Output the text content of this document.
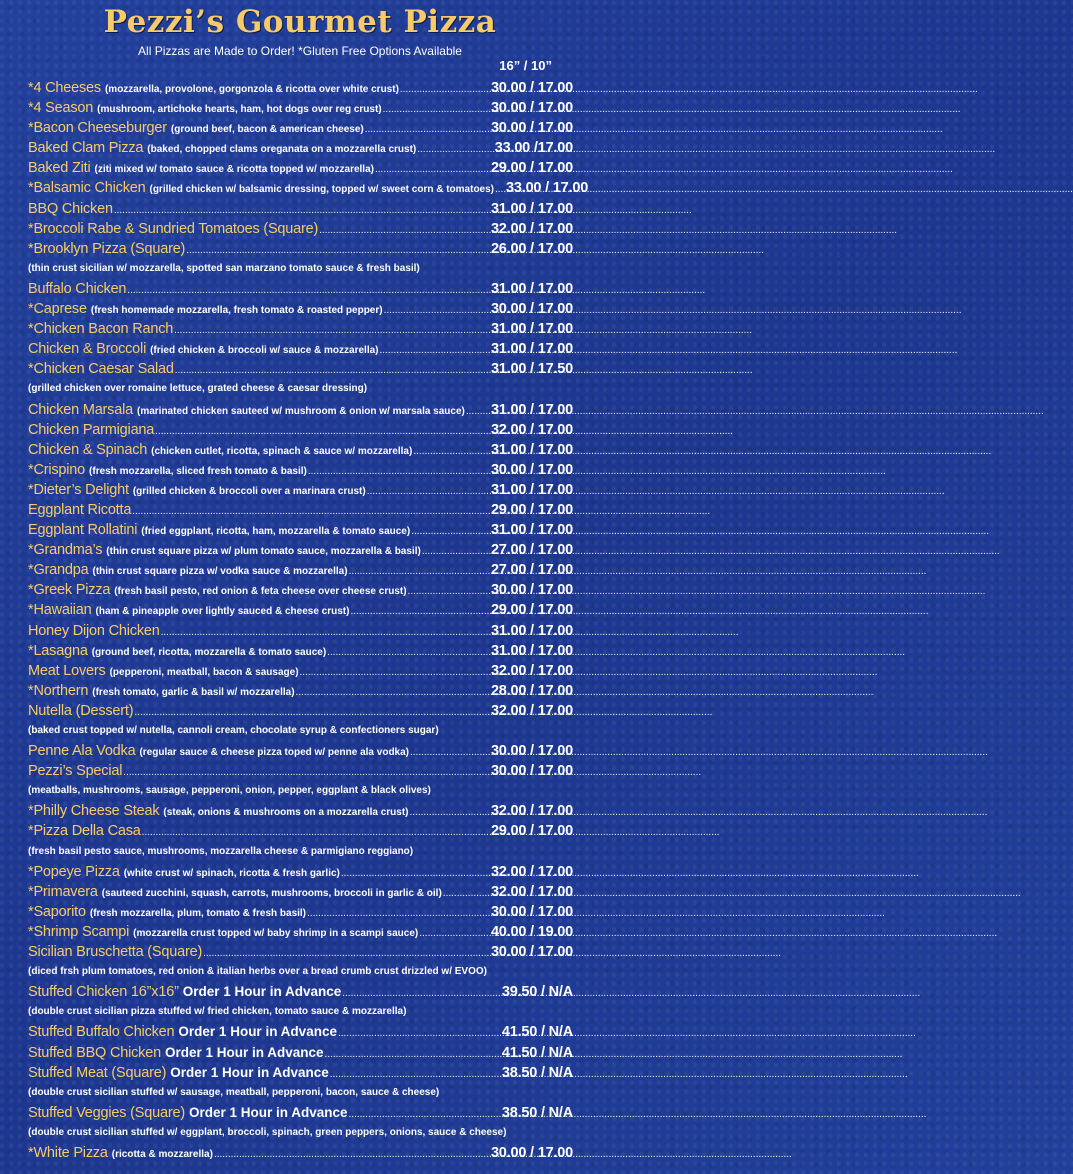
Pezzi’s Gourmet Pizza
All Pizzas are Made to Order! *Gluten Free Options Available
16” / 10”
*4 Cheeses (mozzarella, provolone, gorgonzola & ricotta over white crust) .....	30.00 / 17.00
*4 Season (mushroom, artichoke hearts, ham, hot dogs over reg crust) .....	30.00 / 17.00
*Bacon Cheeseburger (ground beef, bacon & american cheese) .....	30.00 / 17.00
Baked Clam Pizza (baked, chopped clams oreganata on a mozzarella crust) .....	33.00 /17.00
Baked Ziti (ziti mixed w/ tomato sauce & ricotta topped w/ mozzarella) .....	29.00 / 17.00
*Balsamic Chicken (grilled chicken w/ balsamic dressing, topped w/ sweet corn & tomatoes) ..... 33.00 / 17.00
BBQ Chicken .....	31.00 / 17.00
*Broccoli Rabe & Sundried Tomatoes (Square) .....	32.00 / 17.00
*Brooklyn Pizza (Square) .....	26.00 / 17.00
(thin crust sicilian w/ mozzarella, spotted san marzano tomato sauce & fresh basil)
Buffalo Chicken .....	31.00 / 17.00
*Caprese (fresh homemade mozzarella, fresh tomato & roasted pepper) .....	30.00 / 17.00
*Chicken Bacon Ranch .....	31.00 / 17.00
Chicken & Broccoli (fried chicken & broccoli w/ sauce & mozzarella) .....	31.00 / 17.00
*Chicken Caesar Salad .....	31.00 / 17.50
(grilled chicken over romaine lettuce, grated cheese & caesar dressing)
Chicken Marsala (marinated chicken sauteed w/ mushroom & onion w/ marsala sauce) ..... 31.00 / 17.00
Chicken Parmigiana .....	32.00 / 17.00
Chicken & Spinach (chicken cutlet, ricotta, spinach & sauce w/ mozzarella) .....	31.00 / 17.00
*Crispino (fresh mozzarella, sliced fresh tomato & basil) .....	30.00 / 17.00
*Dieter’s Delight (grilled chicken & broccoli over a marinara crust) .....	31.00 / 17.00
Eggplant Ricotta .....	29.00 / 17.00
Eggplant Rollatini (fried eggplant, ricotta, ham, mozzarella & tomato sauce) .....	31.00 / 17.00
*Grandma’s (thin crust square pizza w/ plum tomato sauce, mozzarella & basil) .....	27.00 / 17.00
*Grandpa (thin crust square pizza w/ vodka sauce & mozzarella) .....	27.00 / 17.00
*Greek Pizza (fresh basil pesto, red onion & feta cheese over cheese crust) .....	30.00 / 17.00
*Hawaiian (ham & pineapple over lightly sauced & cheese crust) .....	29.00 / 17.00
Honey Dijon Chicken .....	31.00 / 17.00
*Lasagna (ground beef, ricotta, mozzarella & tomato sauce) .....	31.00 / 17.00
Meat Lovers (pepperoni, meatball, bacon & sausage) .....	32.00 / 17.00
*Northern (fresh tomato, garlic & basil w/ mozzarella) .....	28.00 / 17.00
Nutella (Dessert) .....	32.00 / 17.00
(baked crust topped w/ nutella, cannoli cream, chocolate syrup & confectioners sugar)
Penne Ala Vodka (regular sauce & cheese pizza toped w/ penne ala vodka) .....	30.00 / 17.00
Pezzi’s Special .....	30.00 / 17.00
(meatballs, mushrooms, sausage, pepperoni, onion, pepper, eggplant & black olives)
*Philly Cheese Steak (steak, onions & mushrooms on a mozzarella crust) .....	32.00 / 17.00
*Pizza Della Casa .....	29.00 / 17.00
(fresh basil pesto sauce, mushrooms, mozzarella cheese & parmigiano reggiano)
*Popeye Pizza (white crust w/ spinach, ricotta & fresh garlic) .....	32.00 / 17.00
*Primavera (sauteed zucchini, squash, carrots, mushrooms, broccoli in garlic & oil) .....	32.00 / 17.00
*Saporito (fresh mozzarella, plum, tomato & fresh basil) .....	30.00 / 17.00
*Shrimp Scampi (mozzarella crust topped w/ baby shrimp in a scampi sauce) .....	40.00 / 19.00
Sicilian Bruschetta (Square) .....	30.00 / 17.00
(diced frsh plum tomatoes, red onion & italian herbs over a bread crumb crust drizzled w/ EVOO)
Stuffed Chicken 16”x16” Order 1 Hour in Advance .....	39.50 / N/A
(double crust sicilian pizza stuffed w/ fried chicken, tomato sauce & mozzarella)
Stuffed Buffalo Chicken Order 1 Hour in Advance .....	41.50 / N/A
Stuffed BBQ Chicken Order 1 Hour in Advance .....	41.50 / N/A
Stuffed Meat (Square) Order 1 Hour in Advance .....	38.50 / N/A
(double crust sicilian stuffed w/ sausage, meatball, pepperoni, bacon, sauce & cheese)
Stuffed Veggies (Square) Order 1 Hour in Advance .....	38.50 / N/A
(double crust sicilian stuffed w/ eggplant, broccoli, spinach, green peppers, onions, sauce & cheese)
*White Pizza (ricotta & mozzarella) .....	30.00 / 17.00
